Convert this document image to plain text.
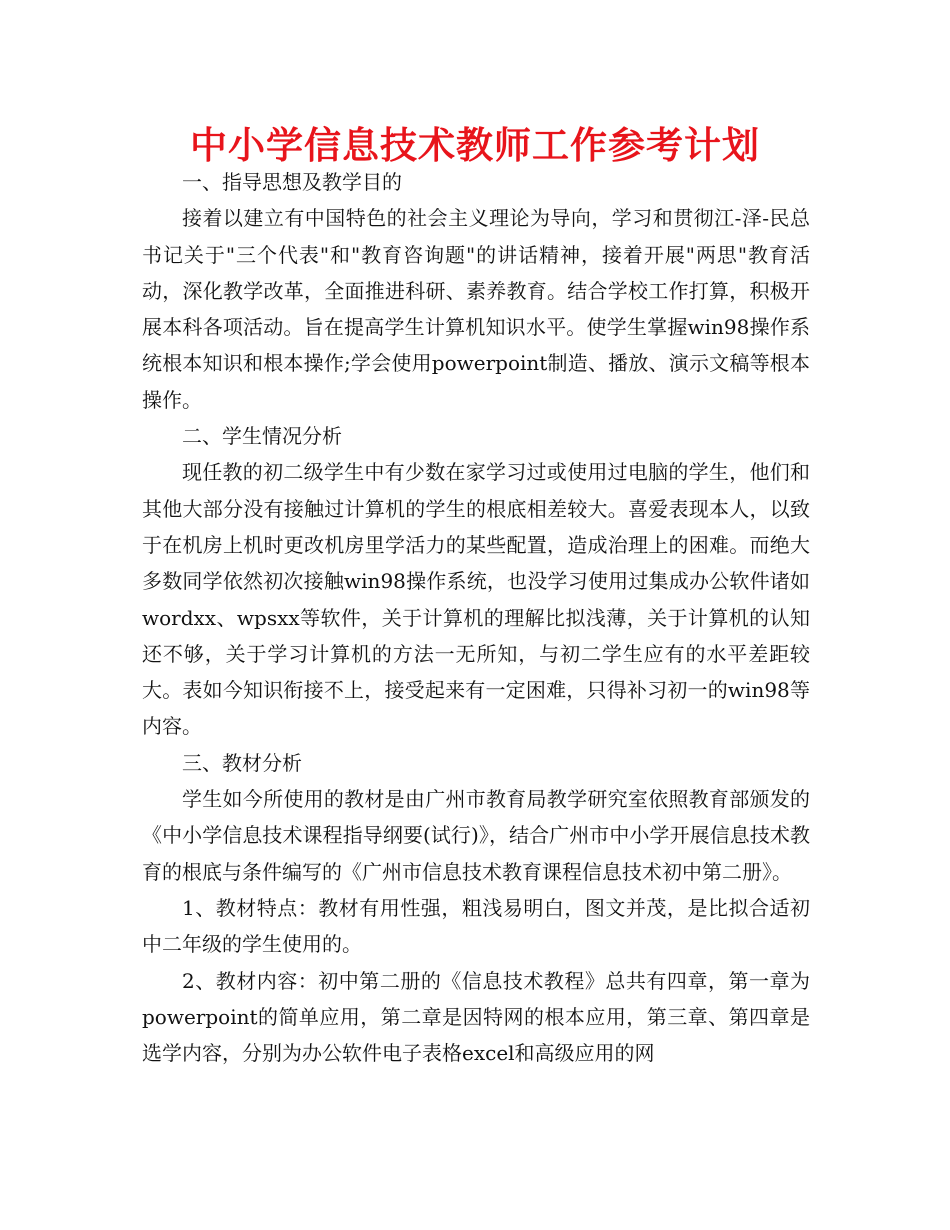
中小学信息技术教师工作参考计划

一、指导思想及教学目的

接着以建立有中国特色的社会主义理论为导向，学习和贯彻江-泽-民总书记关于"三个代表"和"教育咨询题"的讲话精神，接着开展"两思"教育活动，深化教学改革，全面推进科研、素养教育。结合学校工作打算，积极开展本科各项活动。旨在提高学生计算机知识水平。使学生掌握win98操作系统根本知识和根本操作;学会使用powerpoint制造、播放、演示文稿等根本操作。

二、学生情况分析

现任教的初二级学生中有少数在家学习过或使用过电脑的学生，他们和其他大部分没有接触过计算机的学生的根底相差较大。喜爱表现本人，以致于在机房上机时更改机房里学活力的某些配置，造成治理上的困难。而绝大多数同学依然初次接触win98操作系统，也没学习使用过集成办公软件诸如wordxx、wpsxx等软件，关于计算机的理解比拟浅薄，关于计算机的认知还不够，关于学习计算机的方法一无所知，与初二学生应有的水平差距较大。表如今知识衔接不上，接受起来有一定困难，只得补习初一的win98等内容。

三、教材分析

学生如今所使用的教材是由广州市教育局教学研究室依照教育部颁发的《中小学信息技术课程指导纲要(试行)》，结合广州市中小学开展信息技术教育的根底与条件编写的《广州市信息技术教育课程信息技术初中第二册》。

1、教材特点：教材有用性强，粗浅易明白，图文并茂，是比拟合适初中二年级的学生使用的。

2、教材内容：初中第二册的《信息技术教程》总共有四章，第一章为powerpoint的简单应用，第二章是因特网的根本应用，第三章、第四章是选学内容，分别为办公软件电子表格excel和高级应用的网
